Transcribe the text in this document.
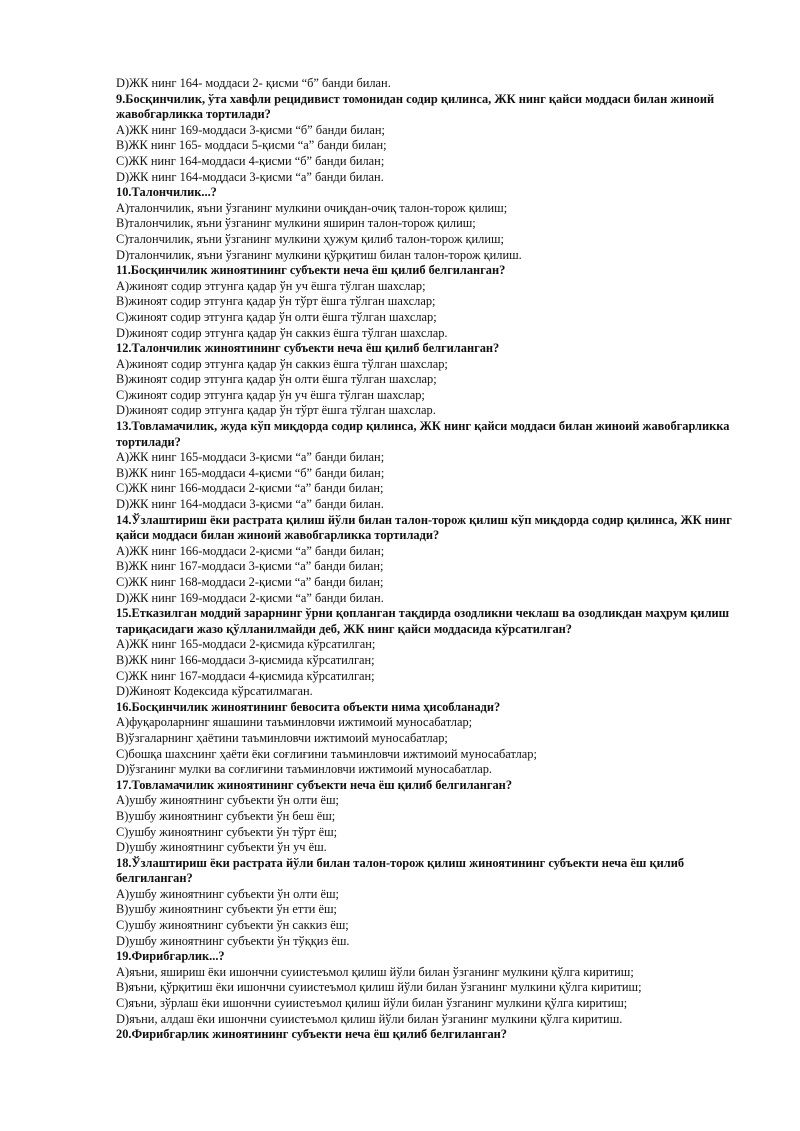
D)ЖК нинг 164- моддаси 2- қисми “б” банди билан.
9.Босқинчилик, ўта хавфли рецидивист томонидан содир қилинса, ЖК нинг қайси моддаси билан жиноий жавобгарликка тортилади?
A)ЖК нинг 169-моддаси 3-қисми “б” банди билан;
B)ЖК нинг 165- моддаси 5-қисми “а” банди билан;
C)ЖК нинг 164-моддаси 4-қисми “б” банди билан;
D)ЖК нинг 164-моддаси 3-қисми “а” банди билан.
10.Талончилик...?
A)талончилик, яъни ўзганинг мулкини очиқдан-очиқ талон-торож қилиш;
B)талончилик, яъни ўзганинг мулкини яширин талон-торож қилиш;
C)талончилик, яъни ўзганинг мулкини ҳужум қилиб талон-торож қилиш;
D)талончилик, яъни ўзганинг мулкини қўрқитиш билан талон-торож қилиш.
11.Босқинчилик жиноятининг субъекти неча ёш қилиб белгиланган?
A)жиноят содир этгунга қадар ўн уч ёшга тўлган шахслар;
B)жиноят содир этгунга қадар ўн тўрт ёшга тўлган шахслар;
C)жиноят содир этгунга қадар ўн олти ёшга тўлган шахслар;
D)жиноят содир этгунга қадар ўн саккиз ёшга тўлган шахслар.
12.Талончилик жиноятининг субъекти неча ёш қилиб белгиланган?
A)жиноят содир этгунга қадар ўн саккиз ёшга тўлган шахслар;
B)жиноят содир этгунга қадар ўн олти ёшга тўлган шахслар;
C)жиноят содир этгунга қадар ўн уч ёшга тўлган шахслар;
D)жиноят содир этгунга қадар ўн тўрт ёшга тўлган шахслар.
13.Товламачилик, жуда кўп миқдорда содир қилинса, ЖК нинг қайси моддаси билан жиноий жавобгарликка тортилади?
A)ЖК нинг 165-моддаси 3-қисми “а” банди билан;
B)ЖК нинг 165-моддаси 4-қисми “б” банди билан;
C)ЖК нинг 166-моддаси 2-қисми “а” банди билан;
D)ЖК нинг 164-моддаси 3-қисми “а” банди билан.
14.Ўзлаштириш ёки растрата қилиш йўли билан талон-торож қилиш кўп миқдорда содир қилинса, ЖК нинг қайси моддаси билан жиноий жавобгарликка тортилади?
A)ЖК нинг 166-моддаси 2-қисми “а” банди билан;
B)ЖК нинг 167-моддаси 3-қисми “а” банди билан;
C)ЖК нинг 168-моддаси 2-қисми “а” банди билан;
D)ЖК нинг 169-моддаси 2-қисми “а” банди билан.
15.Етказилган моддий зарарнинг ўрни қопланган тақдирда озодликни чеклаш ва озодликдан маҳрум қилиш тариқасидаги жазо қўлланилмайди деб, ЖК нинг қайси моддасида кўрсатилган?
A)ЖК нинг 165-моддаси 2-қисмида кўрсатилган;
B)ЖК нинг 166-моддаси 3-қисмида кўрсатилган;
C)ЖК нинг 167-моддаси 4-қисмида кўрсатилган;
D)Жиноят Кодексида кўрсатилмаган.
16.Босқинчилик жиноятининг бевосита объекти нима ҳисобланади?
A)фуқароларнинг яшашини таъминловчи ижтимоий муносабатлар;
B)ўзгаларнинг ҳаётини таъминловчи ижтимоий муносабатлар;
C)бошқа шахснинг ҳаёти ёки соғлиғини таъминловчи ижтимоий муносабатлар;
D)ўзганинг мулки ва соғлиғини таъминловчи ижтимоий муносабатлар.
17.Товламачилик жиноятининг субъекти неча ёш қилиб белгиланган?
A)ушбу жиноятнинг субъекти ўн олти ёш;
B)ушбу жиноятнинг субъекти ўн беш ёш;
C)ушбу жиноятнинг субъекти ўн тўрт ёш;
D)ушбу жиноятнинг субъекти ўн уч ёш.
18.Ўзлаштириш ёки растрата йўли билан талон-торож қилиш жиноятининг субъекти неча ёш қилиб белгиланган?
A)ушбу жиноятнинг субъекти ўн олти ёш;
B)ушбу жиноятнинг субъекти ўн етти ёш;
C)ушбу жиноятнинг субъекти ўн саккиз ёш;
D)ушбу жиноятнинг субъекти ўн тўққиз ёш.
19.Фирибгарлик...?
A)яъни, яшириш ёки ишончни суиистеъмол қилиш йўли билан ўзганинг мулкини қўлга киритиш;
B)яъни, қўрқитиш ёки ишончни суиистеъмол қилиш йўли билан ўзганинг мулкини қўлга киритиш;
C)яъни, зўрлаш ёки ишончни суиистеъмол қилиш йўли билан ўзганинг мулкини қўлга киритиш;
D)яъни, алдаш ёки ишончни суиистеъмол қилиш йўли билан ўзганинг мулкини қўлга киритиш.
20.Фирибгарлик жиноятининг субъекти неча ёш қилиб белгиланган?
